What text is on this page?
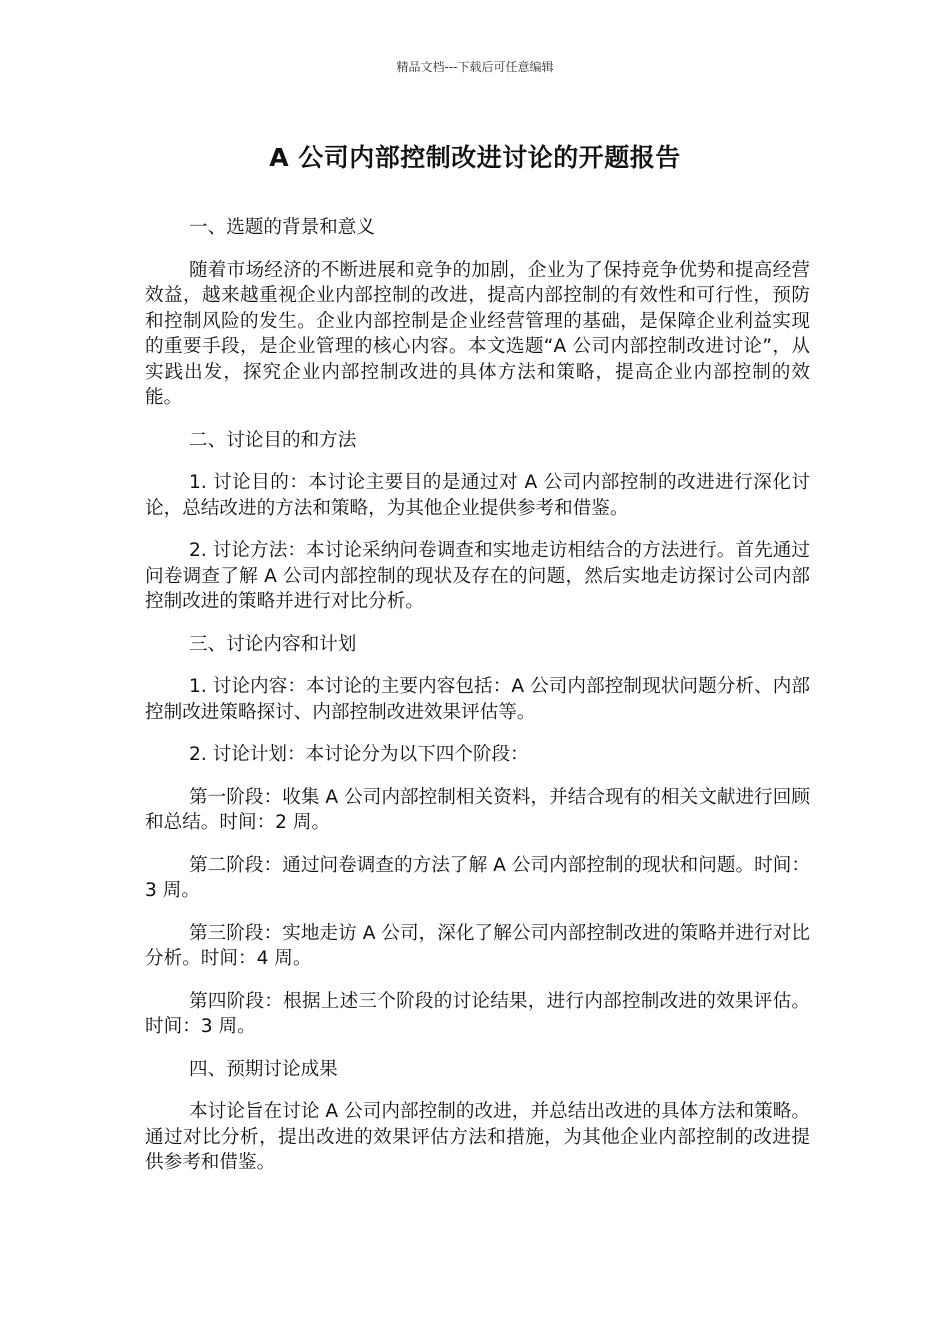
精品文档---下载后可任意编辑
A 公司内部控制改进讨论的开题报告
一、选题的背景和意义
随着市场经济的不断进展和竞争的加剧，企业为了保持竞争优势和提高经营效益，越来越重视企业内部控制的改进，提高内部控制的有效性和可行性，预防和控制风险的发生。企业内部控制是企业经营管理的基础，是保障企业利益实现的重要手段，是企业管理的核心内容。本文选题“A 公司内部控制改进讨论”，从实践出发，探究企业内部控制改进的具体方法和策略，提高企业内部控制的效能。
二、讨论目的和方法
1. 讨论目的：本讨论主要目的是通过对 A 公司内部控制的改进进行深化讨论，总结改进的方法和策略，为其他企业提供参考和借鉴。
2. 讨论方法：本讨论采纳问卷调查和实地走访相结合的方法进行。首先通过问卷调查了解 A 公司内部控制的现状及存在的问题，然后实地走访探讨公司内部控制改进的策略并进行对比分析。
三、讨论内容和计划
1. 讨论内容：本讨论的主要内容包括：A 公司内部控制现状问题分析、内部控制改进策略探讨、内部控制改进效果评估等。
2. 讨论计划：本讨论分为以下四个阶段：
第一阶段：收集 A 公司内部控制相关资料，并结合现有的相关文献进行回顾和总结。时间：2 周。
第二阶段：通过问卷调查的方法了解 A 公司内部控制的现状和问题。时间：3 周。
第三阶段：实地走访 A 公司，深化了解公司内部控制改进的策略并进行对比分析。时间：4 周。
第四阶段：根据上述三个阶段的讨论结果，进行内部控制改进的效果评估。时间：3 周。
四、预期讨论成果
本讨论旨在讨论 A 公司内部控制的改进，并总结出改进的具体方法和策略。通过对比分析，提出改进的效果评估方法和措施，为其他企业内部控制的改进提供参考和借鉴。
